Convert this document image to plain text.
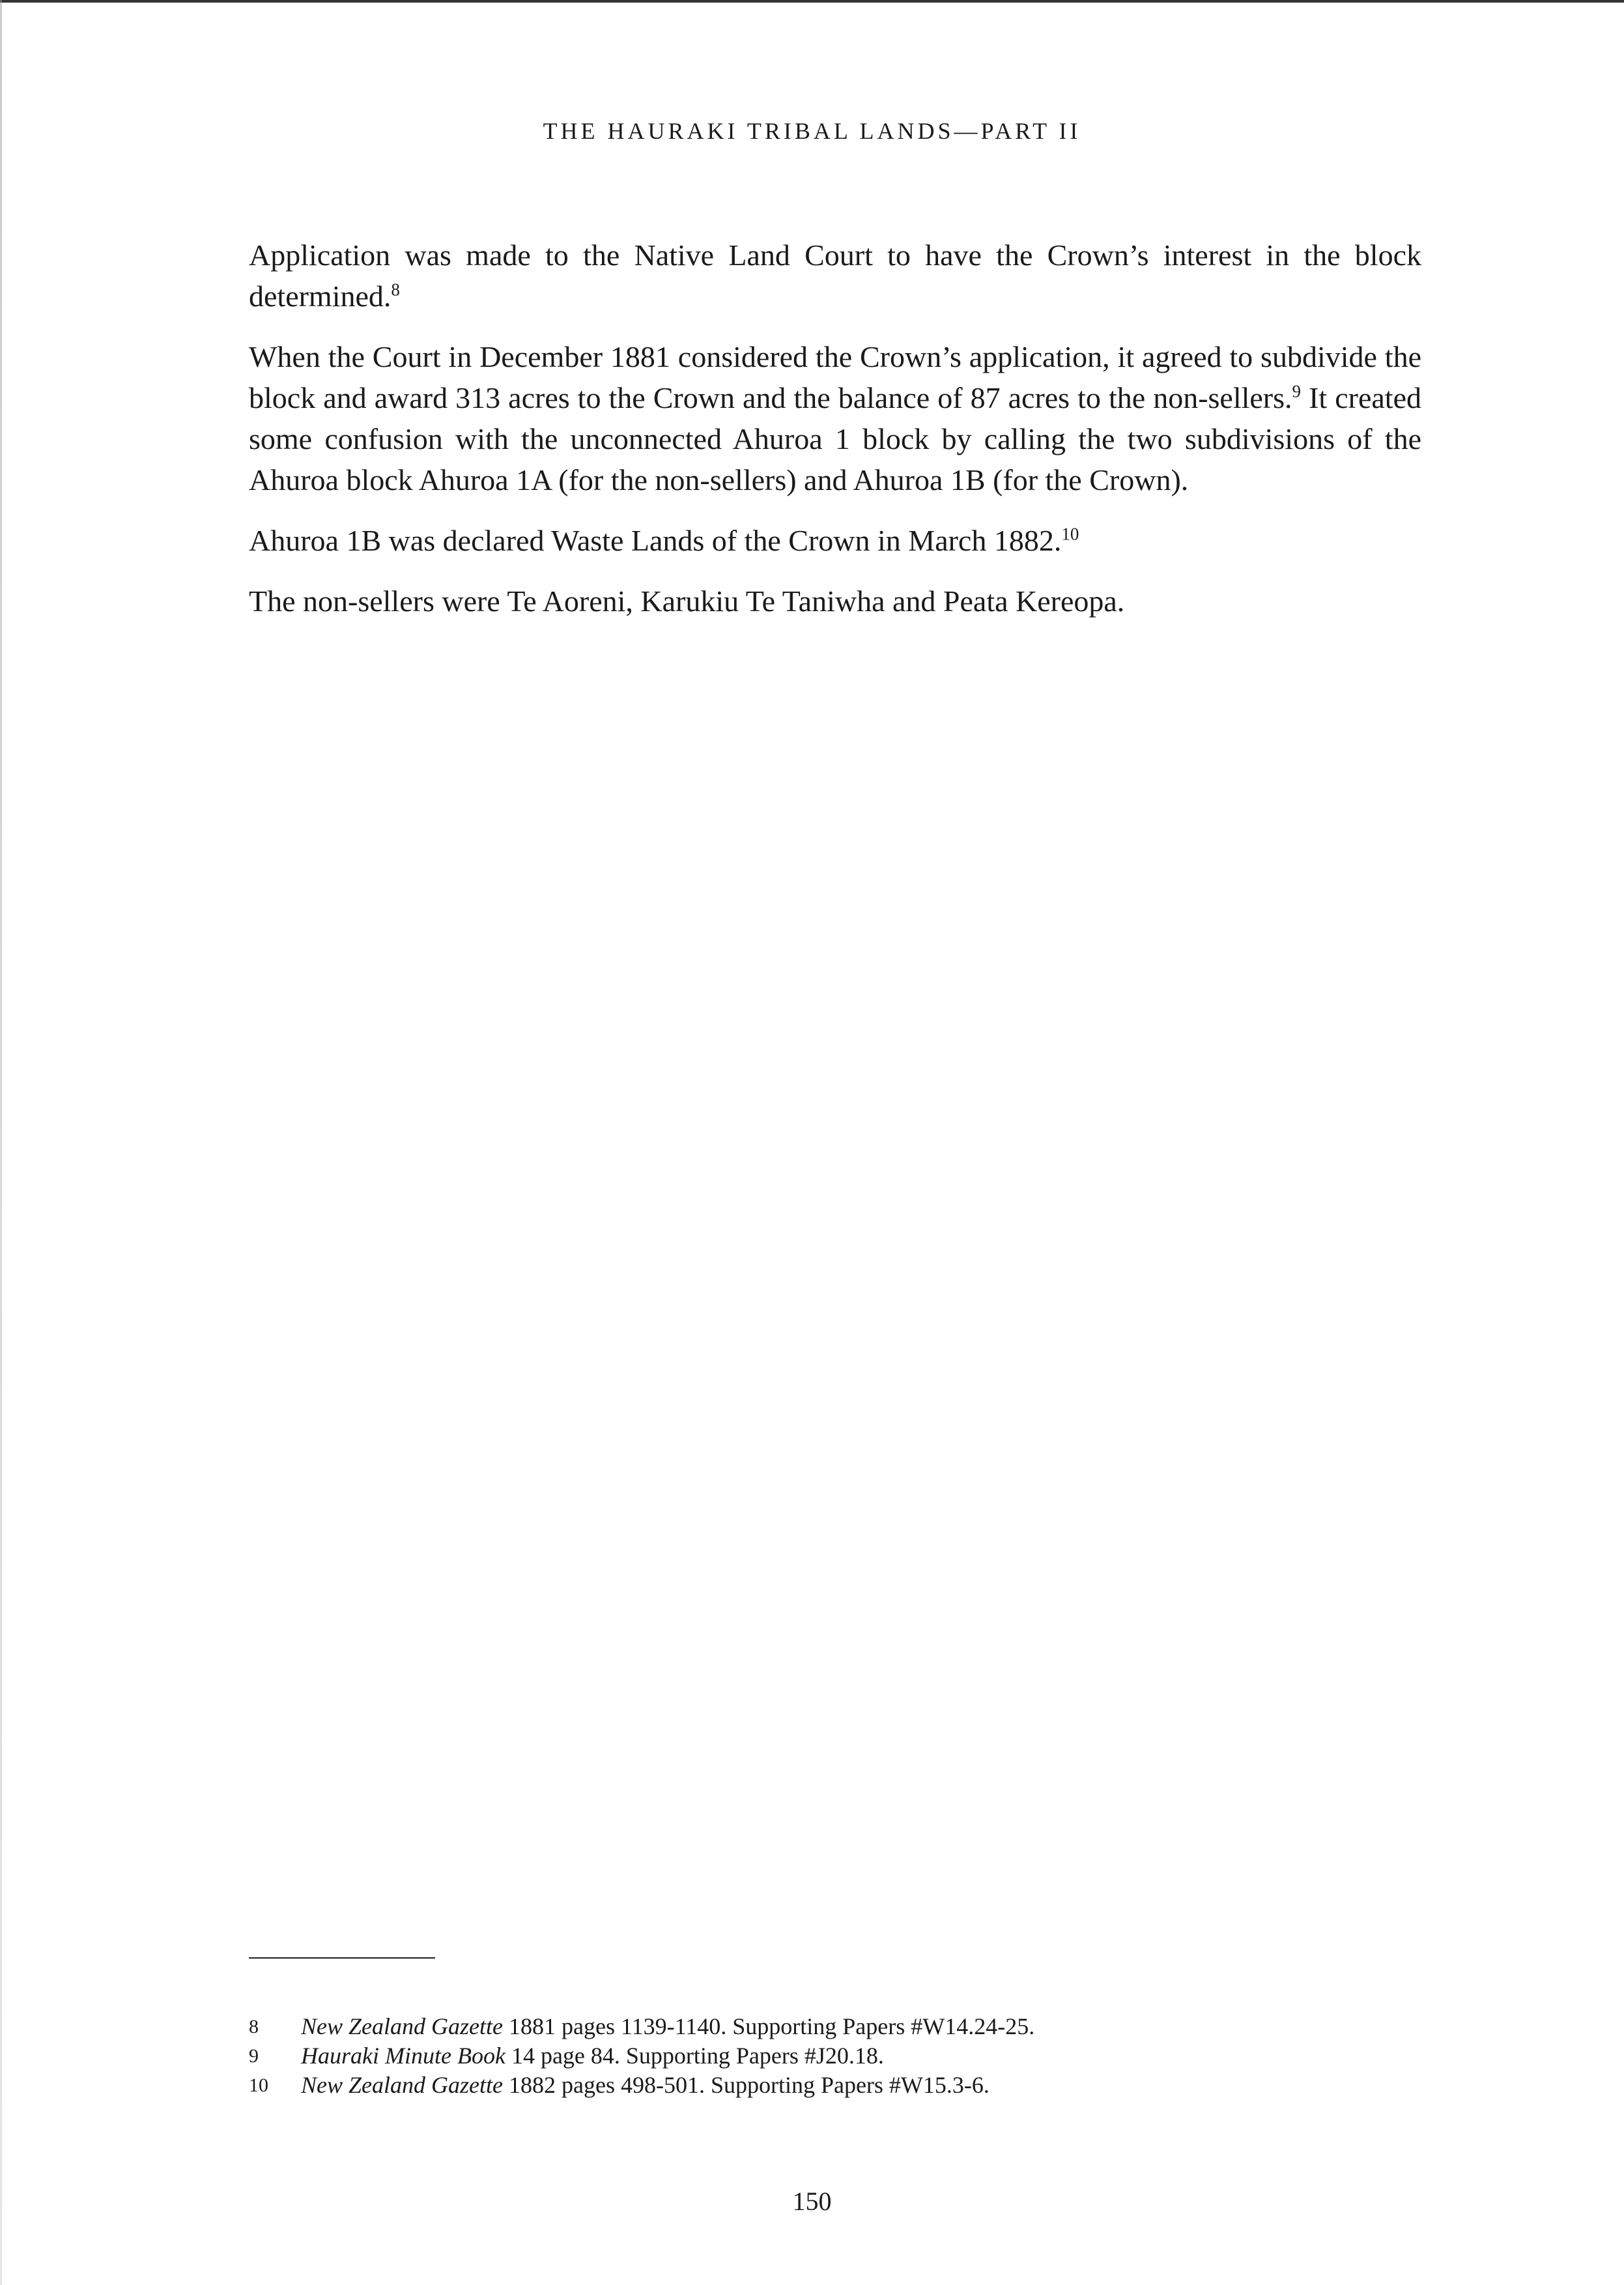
THE HAURAKI TRIBAL LANDS—PART II

Application was made to the Native Land Court to have the Crown’s interest in the block determined.$^8$

When the Court in December 1881 considered the Crown’s application, it agreed to subdivide the block and award 313 acres to the Crown and the balance of 87 acres to the non-sellers.$^9$ It created some confusion with the unconnected Ahuroa 1 block by calling the two subdivisions of the Ahuroa block Ahuroa 1A (for the non-sellers) and Ahuroa 1B (for the Crown).

Ahuroa 1B was declared Waste Lands of the Crown in March 1882.10

The non-sellers were Te Aoreni, Karukiu Te Taniwha and Peata Kereopa.

8	New Zealand Gazette 1881 pages 1139-1140. Supporting Papers #W14.24-25.
9	Hauraki Minute Book 14 page 84. Supporting Papers #J20.18.
10	New Zealand Gazette 1882 pages 498-501. Supporting Papers #W15.3-6.
150
